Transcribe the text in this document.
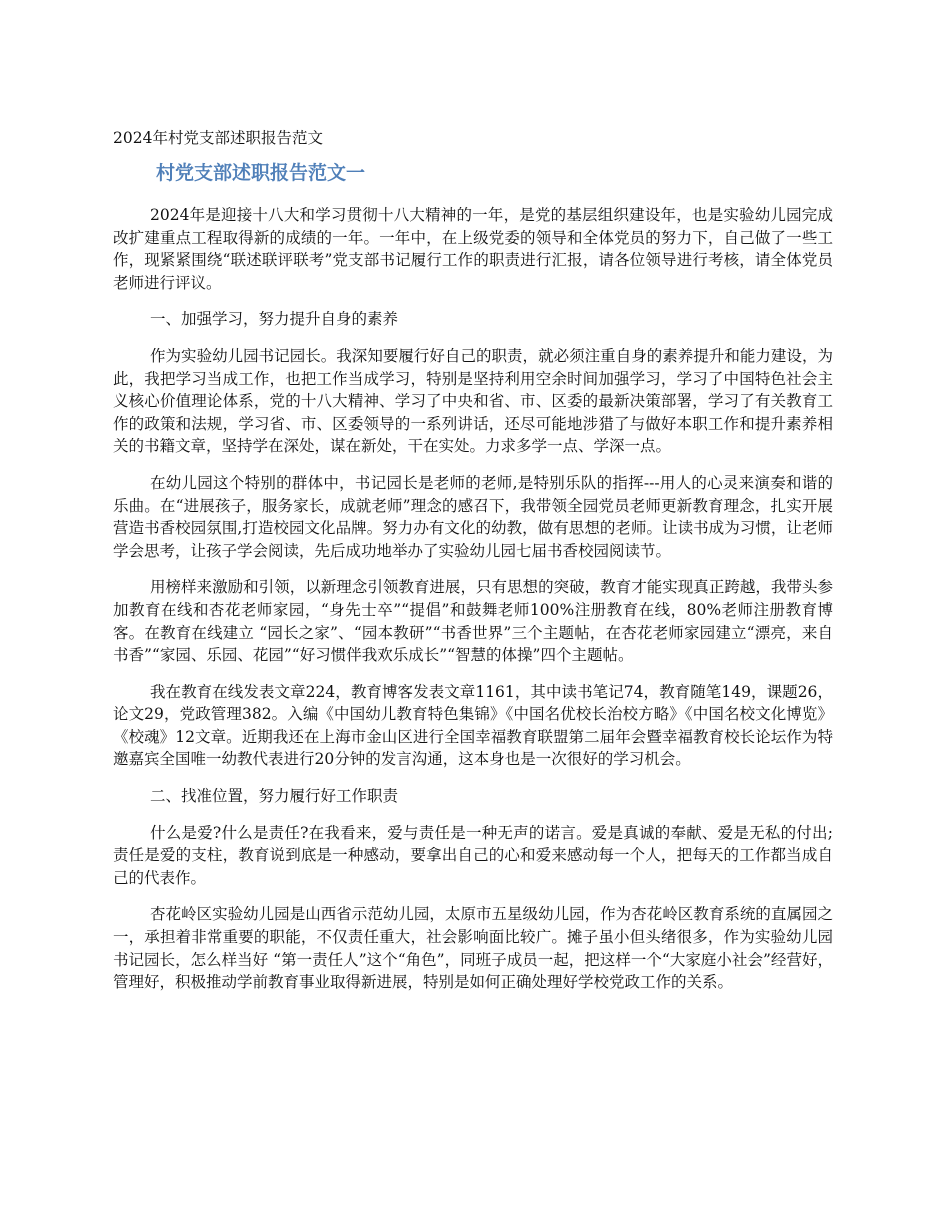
2024年村党支部述职报告范文
村党支部述职报告范文一

2024年是迎接十八大和学习贯彻十八大精神的一年，是党的基层组织建设年，也是实验幼儿园完成改扩建重点工程取得新的成绩的一年。一年中，在上级党委的领导和全体党员的努力下，自己做了一些工作，现紧紧围绕“联述联评联考”党支部书记履行工作的职责进行汇报，请各位领导进行考核，请全体党员老师进行评议。

一、加强学习，努力提升自身的素养

作为实验幼儿园书记园长。我深知要履行好自己的职责，就必须注重自身的素养提升和能力建设，为此，我把学习当成工作，也把工作当成学习，特别是坚持利用空余时间加强学习，学习了中国特色社会主义核心价值理论体系，党的十八大精神、学习了中央和省、市、区委的最新决策部署，学习了有关教育工作的政策和法规，学习省、市、区委领导的一系列讲话，还尽可能地涉猎了与做好本职工作和提升素养相关的书籍文章，坚持学在深处，谋在新处，干在实处。力求多学一点、学深一点。

在幼儿园这个特别的群体中，书记园长是老师的老师,是特别乐队的指挥---用人的心灵来演奏和谐的乐曲。在“进展孩子，服务家长，成就老师”理念的感召下，我带领全园党员老师更新教育理念，扎实开展营造书香校园氛围,打造校园文化品牌。努力办有文化的幼教，做有思想的老师。让读书成为习惯，让老师学会思考，让孩子学会阅读，先后成功地举办了实验幼儿园七届书香校园阅读节。

用榜样来激励和引领，以新理念引领教育进展，只有思想的突破，教育才能实现真正跨越，我带头参加教育在线和杏花老师家园，“身先士卒”“提倡”和鼓舞老师100%注册教育在线，80%老师注册教育博客。在教育在线建立 “园长之家”、“园本教研”“书香世界”三个主题帖，在杏花老师家园建立“漂亮，来自书香”“家园、乐园、花园”“好习惯伴我欢乐成长”“智慧的体操”四个主题帖。

我在教育在线发表文章224，教育博客发表文章1161，其中读书笔记74，教育随笔149，课题26，论文29，党政管理382。入编《中国幼儿教育特色集锦》《中国名优校长治校方略》《中国名校文化博览》《校魂》12文章。近期我还在上海市金山区进行全国幸福教育联盟第二届年会暨幸福教育校长论坛作为特邀嘉宾全国唯一幼教代表进行20分钟的发言沟通，这本身也是一次很好的学习机会。

二、找准位置，努力履行好工作职责

什么是爱?什么是责任?在我看来，爱与责任是一种无声的诺言。爱是真诚的奉献、爱是无私的付出;责任是爱的支柱，教育说到底是一种感动，要拿出自己的心和爱来感动每一个人，把每天的工作都当成自己的代表作。

杏花岭区实验幼儿园是山西省示范幼儿园，太原市五星级幼儿园，作为杏花岭区教育系统的直属园之一，承担着非常重要的职能，不仅责任重大，社会影响面比较广。摊子虽小但头绪很多，作为实验幼儿园书记园长，怎么样当好 “第一责任人”这个“角色”，同班子成员一起，把这样一个“大家庭小社会”经营好，管理好，积极推动学前教育事业取得新进展，特别是如何正确处理好学校党政工作的关系。
